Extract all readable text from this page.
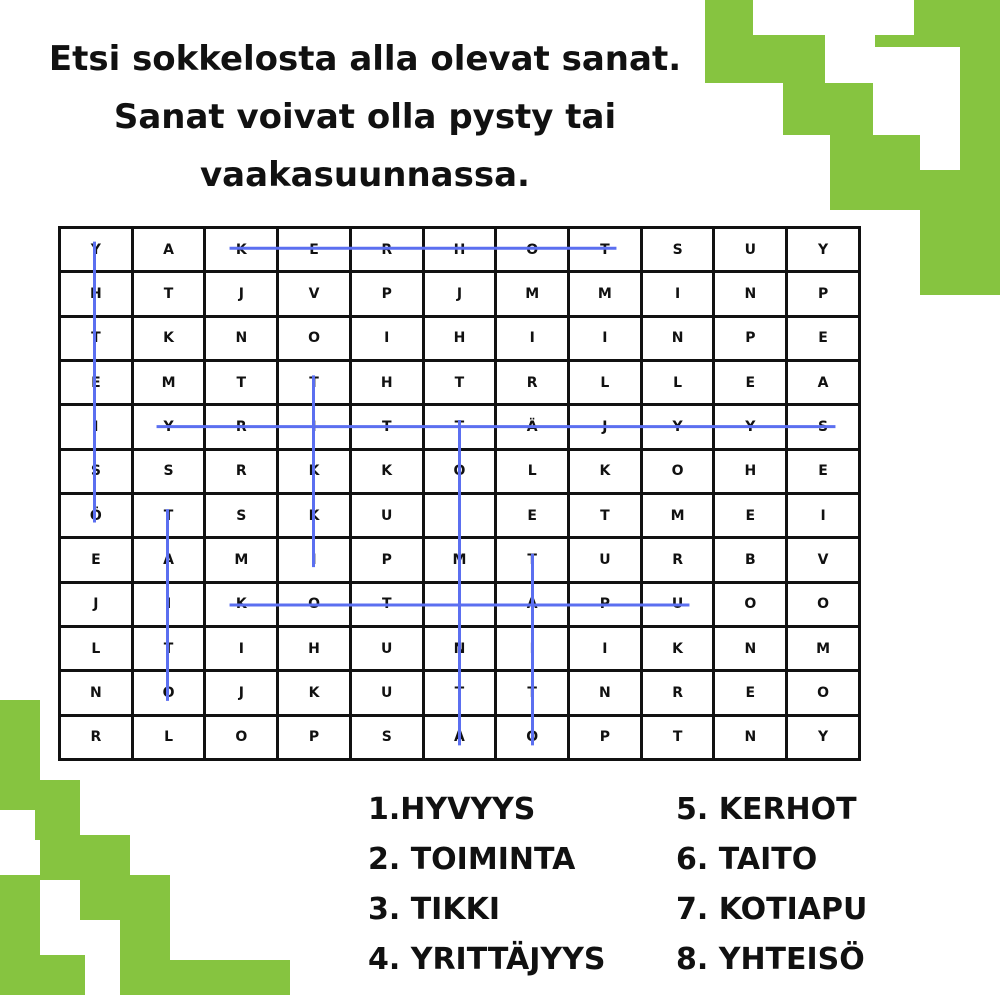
Etsi sokkelosta alla olevat sanat.
Sanat voivat olla pysty tai
vaakasuunnassa.
Y	A	K	E	R	H	O	T	S	U	Y
H	T	J	V	P	J	M	M	I	N	P
T	K	N	O	I	H	I	I	N	P	E
E	M	T	T	H	T	R	L	L	E	A
I	Y	R	I	T	T	Ä	J	Y	Y	S
S	S	R	K	K	O	L	K	O	H	E
Ö	T	S	K	U	I	E	T	M	E	I
E	A	M	I	P	M	T	U	R	B	V
J	I	K	O	T	I	A	P	U	O	O
L	T	I	H	U	N	I	I	K	N	M
N	O	J	K	U	T	T	N	R	E	O
R	L	O	P	S	A	O	P	T	N	Y
1.HYVYYS
2. TOIMINTA
3. TIKKI
4. YRITTÄJYYS
5. KERHOT
6. TAITO
7. KOTIAPU
8. YHTEISÖ
